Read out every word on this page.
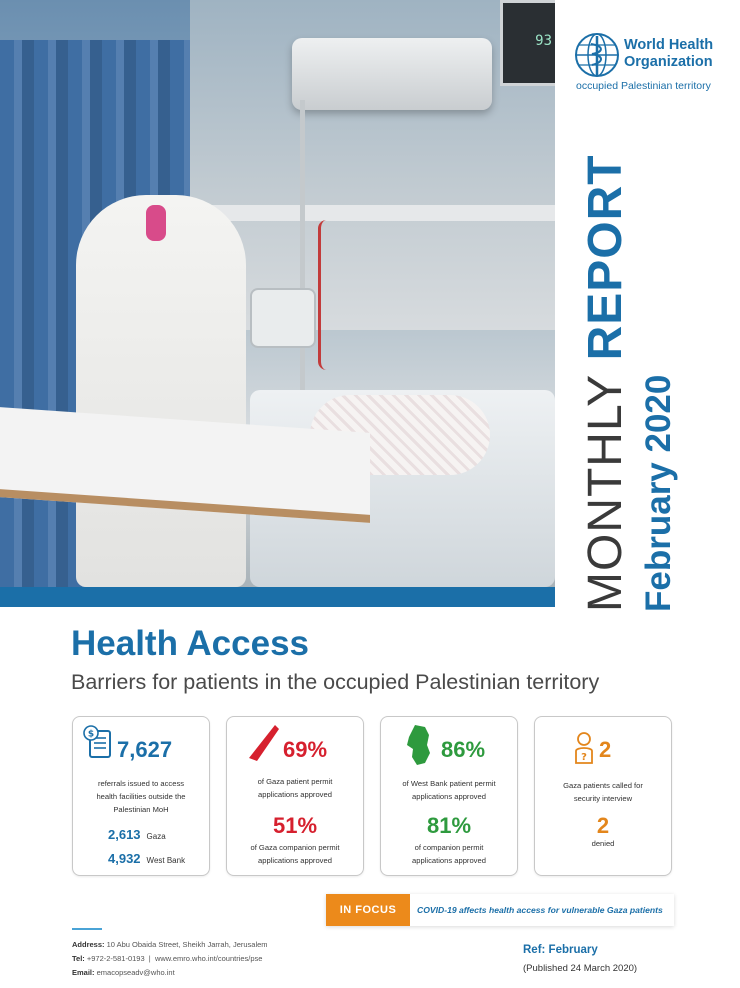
93	World Health
Organization
occupied Palestinian territory
MONTHLY REPORT
February 2020
Health Access
Barriers for patients in the occupied Palestinian territory
$
7,627
referrals issued to access
health facilities outside the
Palestinian MoH
2,613 Gaza
4,932 West Bank
69%
of Gaza patient permit
applications approved
51%
of Gaza companion permit
applications approved
86%
of West Bank patient permit
applications approved
81%
of companion permit
applications approved
? 2
Gaza patients called for
security interview
2
denied
IN FOCUS	COVID-19 affects health access for vulnerable Gaza patients
Address: 10 Abu Obaida Street, Sheikh Jarrah, Jerusalem
Tel: +972-2-581-0193  |  www.emro.who.int/countries/pse
Email: emacopseadv@who.int
Ref: February
(Published 24 March 2020)
